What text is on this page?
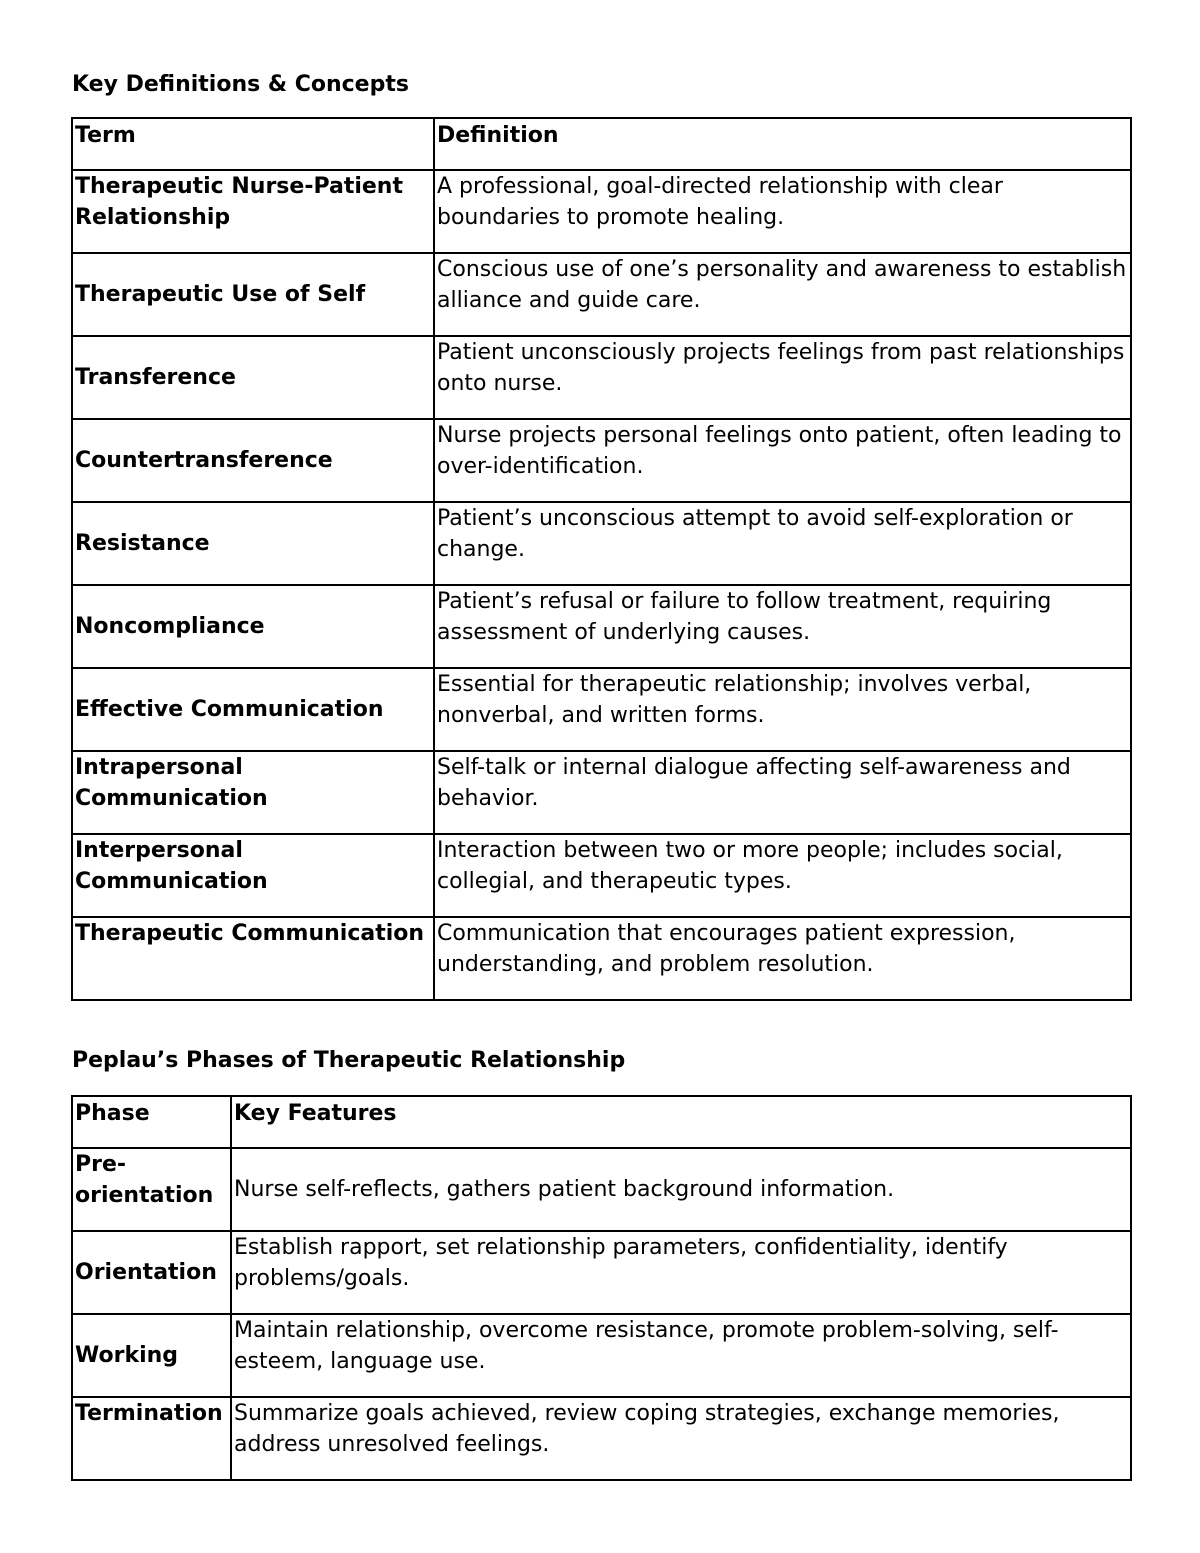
Key Definitions & Concepts
Term	Definition
Therapeutic Nurse-Patient Relationship	A professional, goal-directed relationship with clear boundaries to promote healing.
Therapeutic Use of Self	Conscious use of one’s personality and awareness to establish alliance and guide care.
Transference	Patient unconsciously projects feelings from past relationships onto nurse.
Countertransference	Nurse projects personal feelings onto patient, often leading to over-identification.
Resistance	Patient’s unconscious attempt to avoid self-exploration or change.
Noncompliance	Patient’s refusal or failure to follow treatment, requiring assessment of underlying causes.
Effective Communication	Essential for therapeutic relationship; involves verbal, nonverbal, and written forms.
Intrapersonal Communication	Self-talk or internal dialogue affecting self-awareness and behavior.
Interpersonal Communication	Interaction between two or more people; includes social, collegial, and therapeutic types.
Therapeutic Communication	Communication that encourages patient expression, understanding, and problem resolution.
Peplau’s Phases of Therapeutic Relationship
Phase	Key Features
Pre-orientation	Nurse self-reflects, gathers patient background information.
Orientation	Establish rapport, set relationship parameters, confidentiality, identify problems/goals.
Working	Maintain relationship, overcome resistance, promote problem-solving, self-esteem, language use.
Termination	Summarize goals achieved, review coping strategies, exchange memories, address unresolved feelings.
